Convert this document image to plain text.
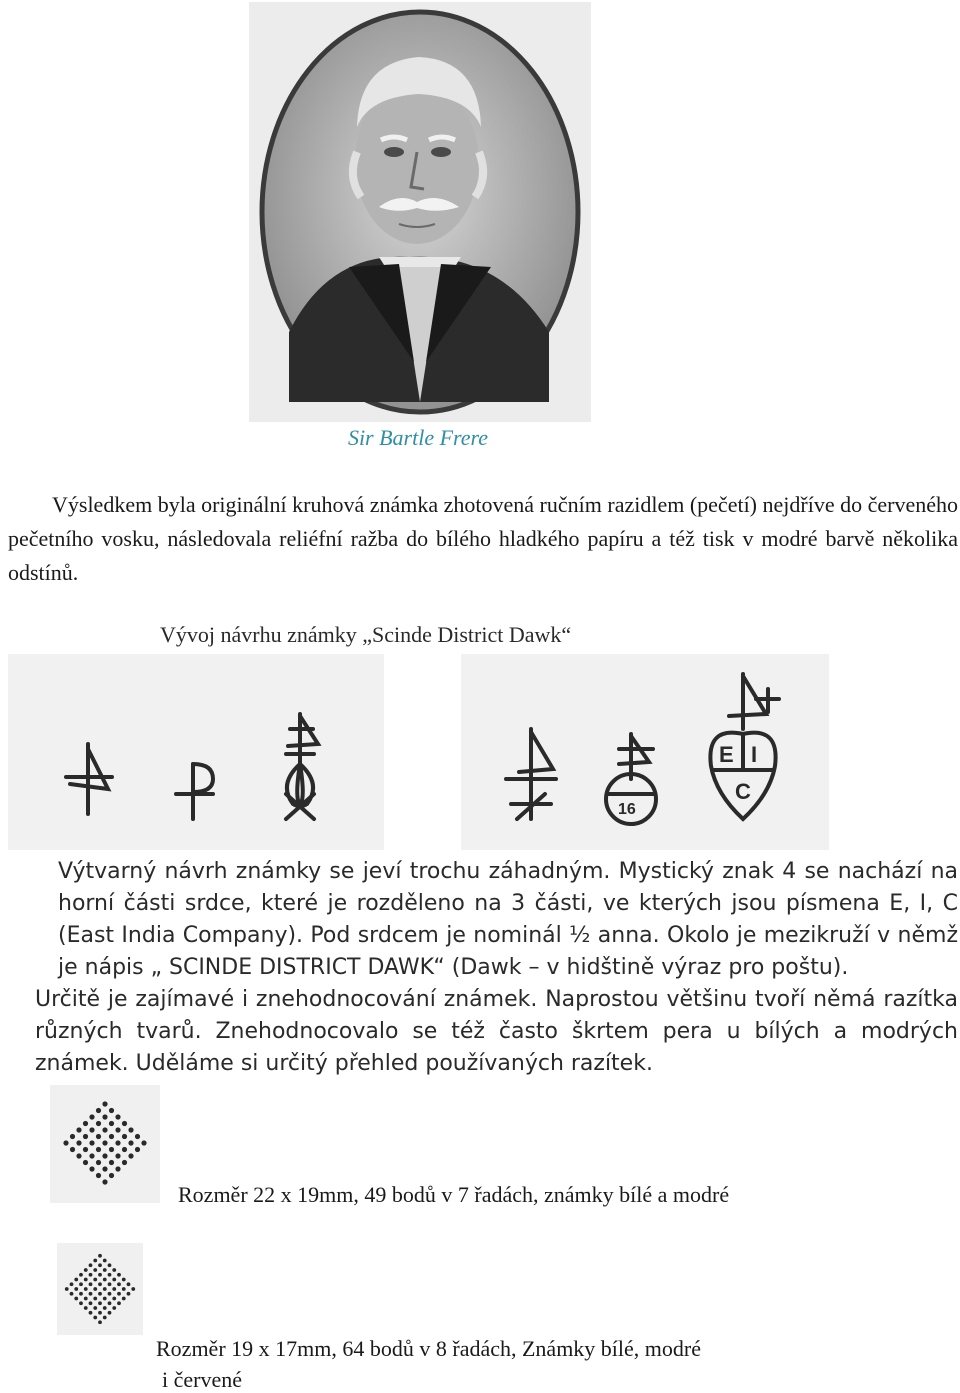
Sir Bartle Frere
Výsledkem byla originální kruhová známka zhotovená ručním razidlem (pečetí) nejdříve do červeného pečetního vosku, následovala reliéfní ražba do bílého hladkého papíru a též tisk v modré barvě několika odstínů.
Vývoj návrhu známky „Scinde District Dawk“
16
E I
C

Výtvarný návrh známky se jeví trochu záhadným. Mystický znak 4 se nachází na horní části srdce, které je rozděleno na 3 části, ve kterých jsou písmena E, I, C (East India Company). Pod srdcem je nominál ½ anna. Okolo je mezikruží v němž je nápis „ SCINDE DISTRICT DAWK“ (Dawk – v hidštině výraz pro poštu).

Určitě je zajímavé i znehodnocování známek. Naprostou většinu tvoří němá razítka různých tvarů. Znehodnocovalo se též často škrtem pera u bílých a modrých známek. Uděláme si určitý přehled používaných razítek.

Rozměr 22 x 19mm, 49 bodů v 7 řadách, známky bílé a modré
Rozměr 19 x 17mm, 64 bodů v 8 řadách, Známky bílé, modré
i červené
